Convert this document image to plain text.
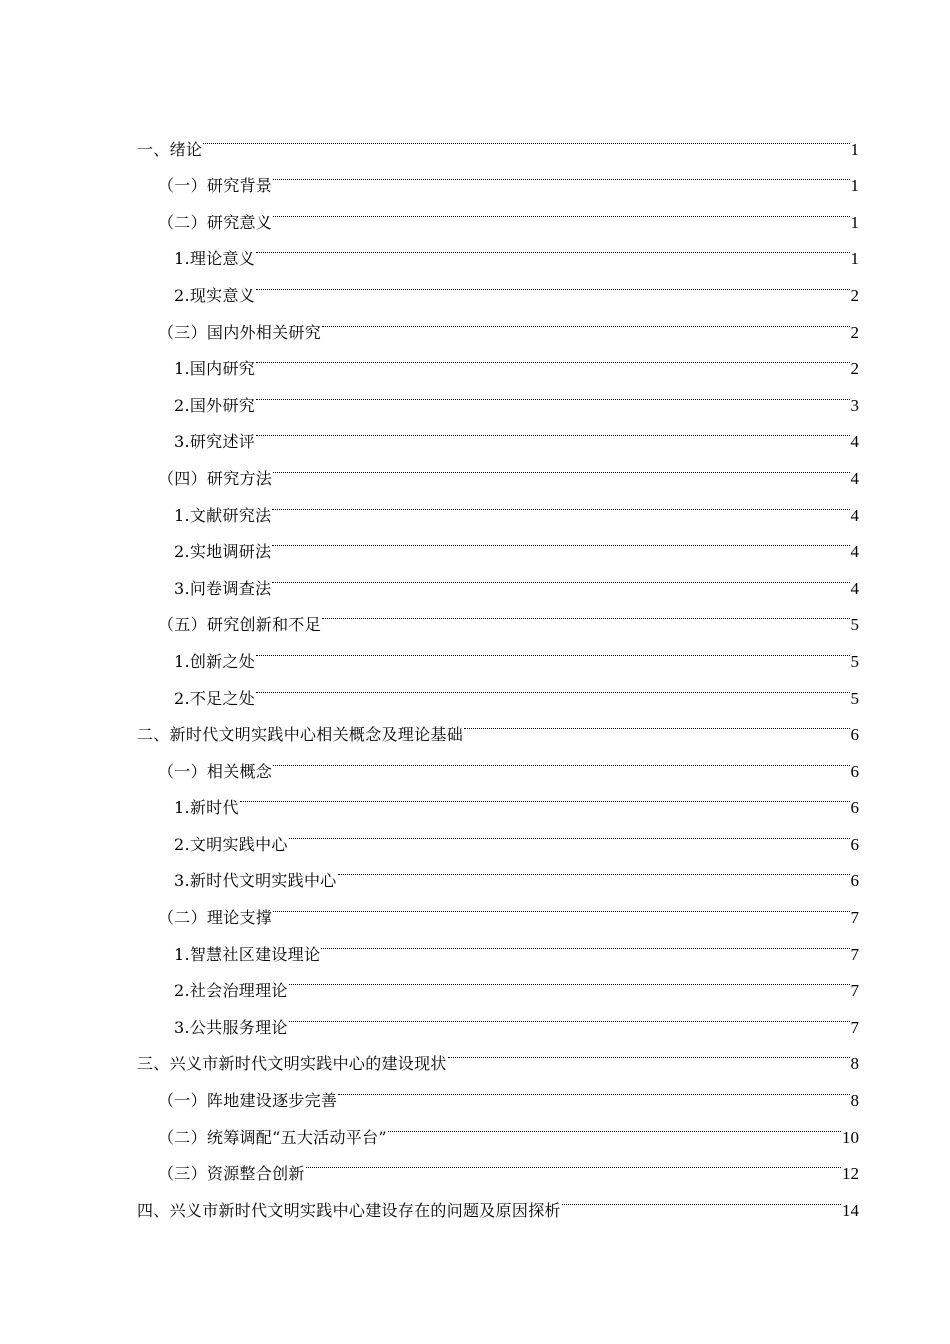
一、绪论	1
（一）研究背景	1
（二）研究意义	1
1.理论意义	1
2.现实意义	2
（三）国内外相关研究	2
1.国内研究	2
2.国外研究	3
3.研究述评	4
（四）研究方法	4
1.文献研究法	4
2.实地调研法	4
3.问卷调查法	4
（五）研究创新和不足	5
1.创新之处	5
2.不足之处	5
二、新时代文明实践中心相关概念及理论基础	6
（一）相关概念	6
1.新时代	6
2.文明实践中心	6
3.新时代文明实践中心	6
（二）理论支撑	7
1.智慧社区建设理论	7
2.社会治理理论	7
3.公共服务理论	7
三、兴义市新时代文明实践中心的建设现状	8
（一）阵地建设逐步完善	8
（二）统筹调配“五大活动平台”	10
（三）资源整合创新	12
四、兴义市新时代文明实践中心建设存在的问题及原因探析	14
